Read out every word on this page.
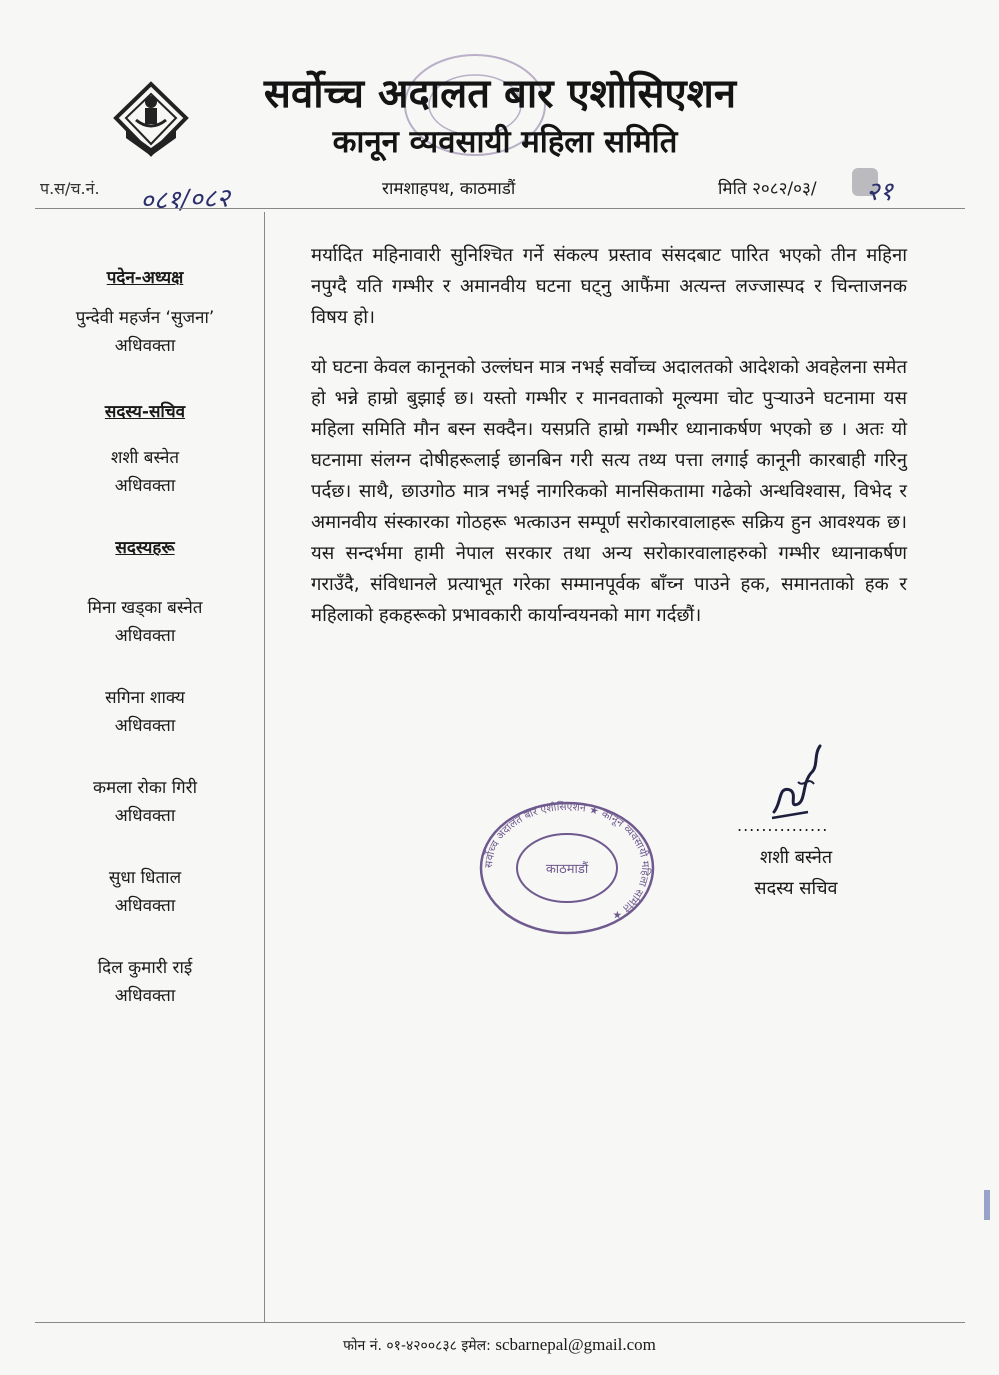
सर्वोच्च अदालत बार एशोसिएशन
कानून व्यवसायी महिला समिति
प.स/च.नं. ०८१/०८२	रामशाहपथ, काठमाडौं	मिति २०८२/०३/ २१
पदेन-अध्यक्ष
पुन्देवी महर्जन ‘सुजना’
अधिवक्ता
सदस्य-सचिव
शशी बस्नेत
अधिवक्ता
सदस्यहरू
मिना खड्का बस्नेत
अधिवक्ता
सगिना शाक्य
अधिवक्ता
कमला रोका गिरी
अधिवक्ता
सुधा धिताल
अधिवक्ता
दिल कुमारी राई
अधिवक्ता

मर्यादित महिनावारी सुनिश्चित गर्ने संकल्प प्रस्ताव संसदबाट पारित भएको तीन महिना नपुग्दै यति गम्भीर र अमानवीय घटना घट्नु आफैंमा अत्यन्त लज्जास्पद र चिन्ताजनक विषय हो।

यो घटना केवल कानूनको उल्लंघन मात्र नभई सर्वोच्च अदालतको आदेशको अवहेलना समेत हो भन्ने हाम्रो बुझाई छ। यस्तो गम्भीर र मानवताको मूल्यमा चोट पुर्‍याउने घटनामा यस महिला समिति मौन बस्न सक्दैन। यसप्रति हाम्रो गम्भीर ध्यानाकर्षण भएको छ । अतः यो घटनामा संलग्न दोषीहरूलाई छानबिन गरी सत्य तथ्य पत्ता लगाई कानूनी कारबाही गरिनु पर्दछ। साथै, छाउगोठ मात्र नभई नागरिकको मानसिकतामा गढेको अन्धविश्वास, विभेद र अमानवीय संस्कारका गोठहरू भत्काउन सम्पूर्ण सरोकारवालाहरू सक्रिय हुन आवश्यक छ। यस सन्दर्भमा हामी नेपाल सरकार तथा अन्य सरोकारवालाहरुको गम्भीर ध्यानाकर्षण गराउँदै, संविधानले प्रत्याभूत गरेका सम्मानपूर्वक बाँच्न पाउने हक, समानताको हक र महिलाको हकहरूको प्रभावकारी कार्यान्वयनको माग गर्दछौं।

...............
शशी बस्नेत
सदस्य सचिव
सर्वोच्च अदालत बार एशोसिएशन ★ कानून व्यवसायी महिला समिति ★
काठमाडौं
फोन नं. ०१-४२००८३८ इमेल: scbarnepal@gmail.com
